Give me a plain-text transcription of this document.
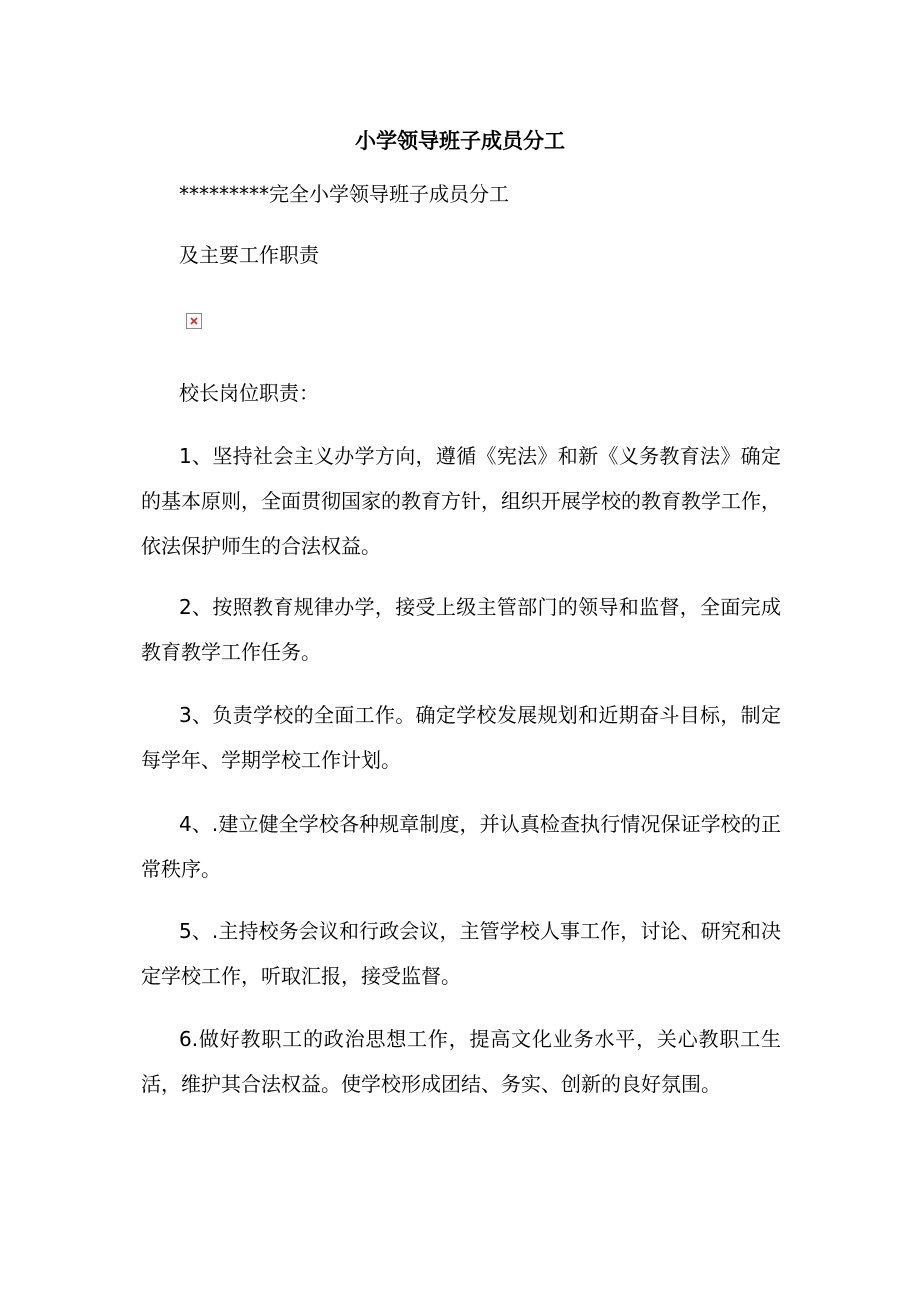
小学领导班子成员分工
*********完全小学领导班子成员分工
及主要工作职责
校长岗位职责：
1、坚持社会主义办学方向，遵循《宪法》和新《义务教育法》确定的基本原则，全面贯彻国家的教育方针，组织开展学校的教育教学工作，依法保护师生的合法权益。
2、按照教育规律办学，接受上级主管部门的领导和监督，全面完成教育教学工作任务。
3、负责学校的全面工作。确定学校发展规划和近期奋斗目标，制定每学年、学期学校工作计划。
4、.建立健全学校各种规章制度，并认真检查执行情况保证学校的正常秩序。
5、.主持校务会议和行政会议，主管学校人事工作，讨论、研究和决定学校工作，听取汇报，接受监督。
6.做好教职工的政治思想工作，提高文化业务水平，关心教职工生活，维护其合法权益。使学校形成团结、务实、创新的良好氛围。
